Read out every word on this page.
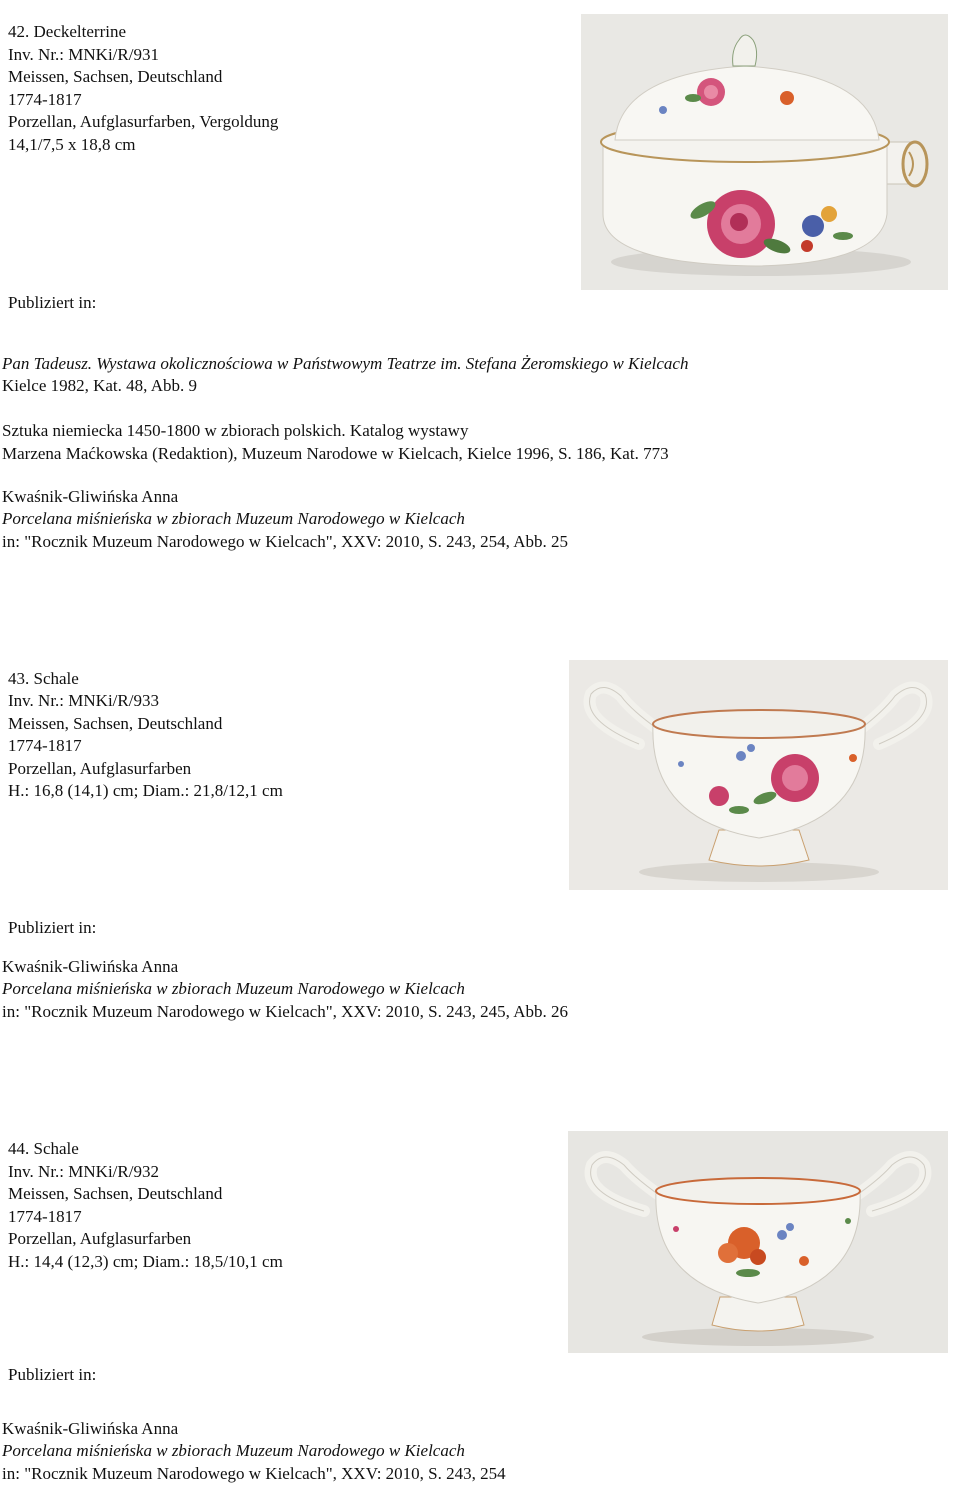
42. Deckelterrine

Inv. Nr.: MNKi/R/931

Meissen, Sachsen, Deutschland

1774-1817

Porzellan, Aufglasurfarben, Vergoldung

14,1/7,5 x 18,8 cm

Publiziert in:

Pan Tadeusz. Wystawa okolicznościowa w Państwowym Teatrze im. Stefana Żeromskiego w Kielcach

Kielce 1982, Kat. 48, Abb. 9

Sztuka niemiecka 1450-1800 w zbiorach polskich. Katalog wystawy

Marzena Maćkowska (Redaktion), Muzeum Narodowe w Kielcach, Kielce 1996, S. 186, Kat. 773

Kwaśnik-Gliwińska Anna

Porcelana miśnieńska w zbiorach Muzeum Narodowego w Kielcach

in: "Rocznik Muzeum Narodowego w Kielcach", XXV: 2010, S. 243, 254, Abb. 25

43. Schale

Inv. Nr.: MNKi/R/933

Meissen, Sachsen, Deutschland

1774-1817

Porzellan, Aufglasurfarben

H.: 16,8 (14,1) cm; Diam.: 21,8/12,1 cm

Publiziert in:

Kwaśnik-Gliwińska Anna

Porcelana miśnieńska w zbiorach Muzeum Narodowego w Kielcach

in: "Rocznik Muzeum Narodowego w Kielcach", XXV: 2010, S. 243, 245, Abb. 26

44. Schale

Inv. Nr.: MNKi/R/932

Meissen, Sachsen, Deutschland

1774-1817

Porzellan, Aufglasurfarben

H.: 14,4 (12,3) cm; Diam.: 18,5/10,1 cm

Publiziert in:

Kwaśnik-Gliwińska Anna

Porcelana miśnieńska w zbiorach Muzeum Narodowego w Kielcach

in: "Rocznik Muzeum Narodowego w Kielcach", XXV: 2010, S. 243, 254
